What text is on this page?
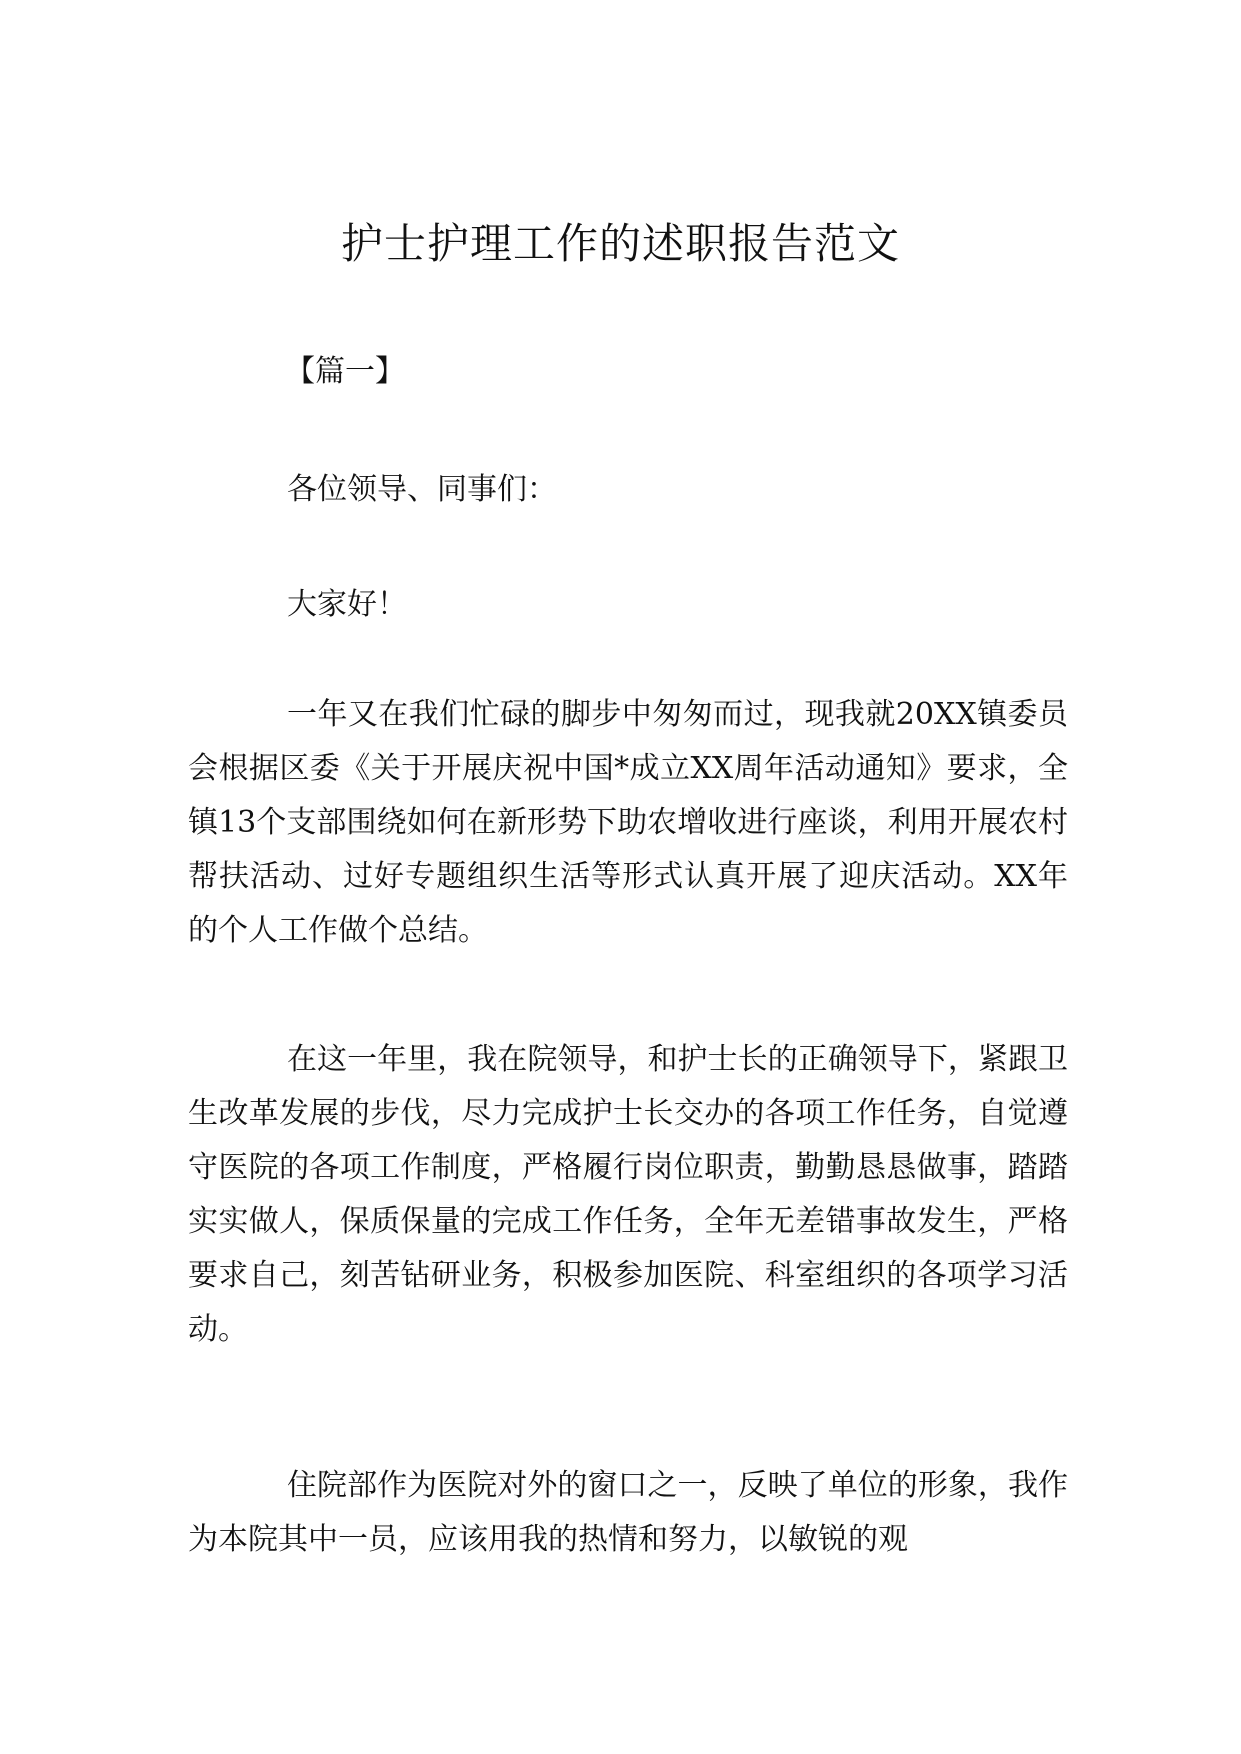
护士护理工作的述职报告范文
【篇一】
各位领导、同事们：
大家好！

一年又在我们忙碌的脚步中匆匆而过，现我就20XX镇委员会根据区委《关于开展庆祝中国*成立XX周年活动通知》要求，全镇13个支部围绕如何在新形势下助农增收进行座谈，利用开展农村帮扶活动、过好专题组织生活等形式认真开展了迎庆活动。XX年的个人工作做个总结。

在这一年里，我在院领导，和护士长的正确领导下，紧跟卫生改革发展的步伐，尽力完成护士长交办的各项工作任务，自觉遵守医院的各项工作制度，严格履行岗位职责，勤勤恳恳做事，踏踏实实做人，保质保量的完成工作任务，全年无差错事故发生，严格要求自己，刻苦钻研业务，积极参加医院、科室组织的各项学习活动。

住院部作为医院对外的窗口之一，反映了单位的形象，我作为本院其中一员，应该用我的热情和努力，以敏锐的观
